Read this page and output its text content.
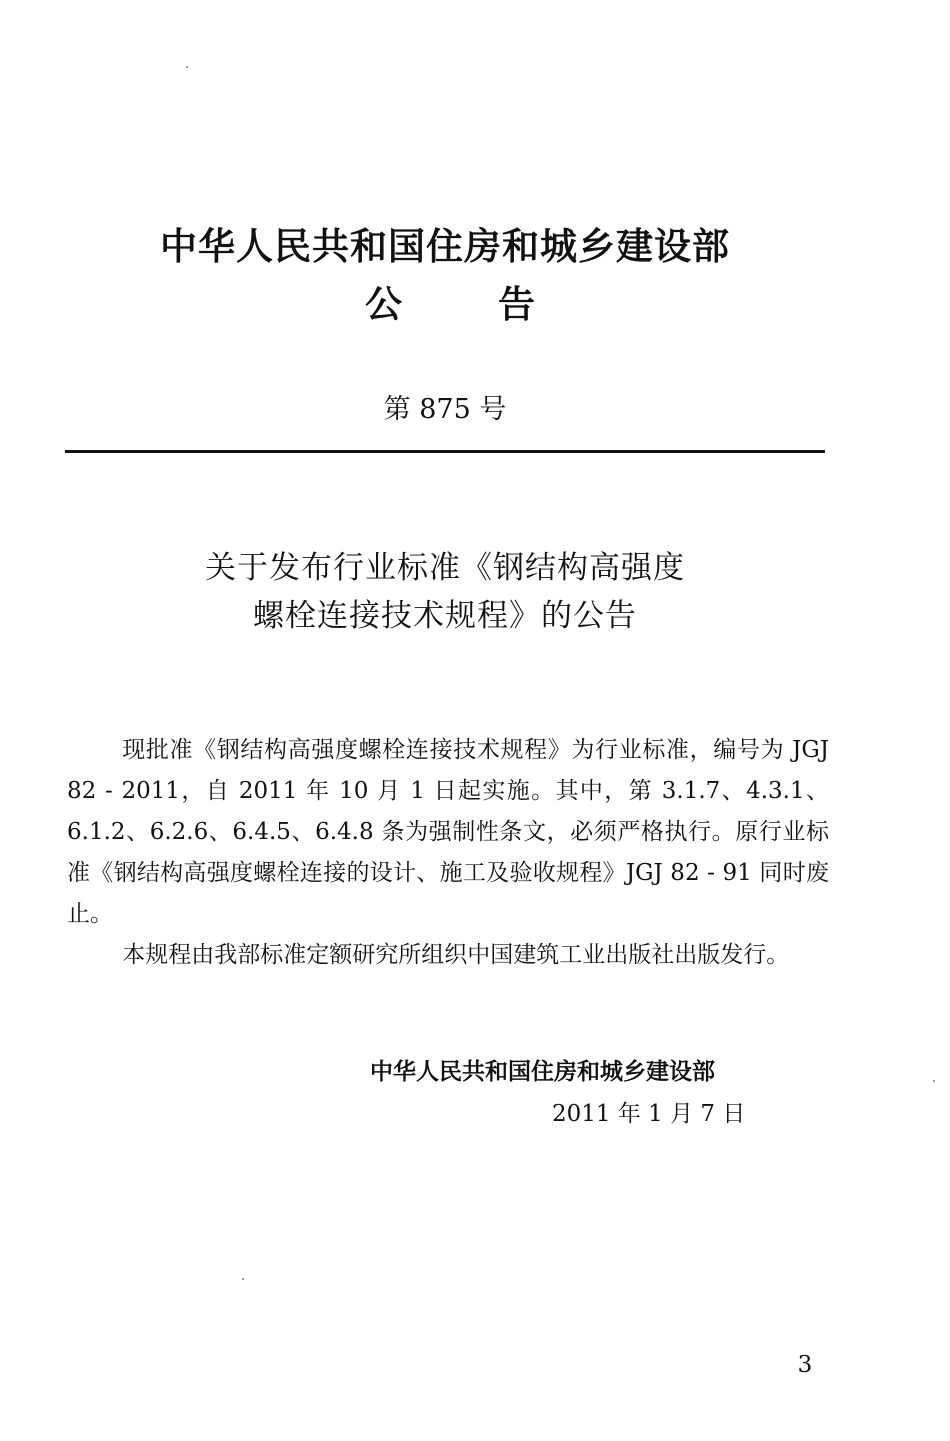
中华人民共和国住房和城乡建设部
公告
第 875 号
关于发布行业标准《钢结构高强度
螺栓连接技术规程》的公告

现批准《钢结构高强度螺栓连接技术规程》为行业标准，编号为 JGJ 82 - 2011，自 2011 年 10 月 1 日起实施。其中，第 3.1.7、4.3.1、6.1.2、6.2.6、6.4.5、6.4.8 条为强制性条文，必须严格执行。原行业标准《钢结构高强度螺栓连接的设计、施工及验收规程》JGJ 82 - 91 同时废止。

本规程由我部标准定额研究所组织中国建筑工业出版社出版发行。

中华人民共和国住房和城乡建设部
2011 年 1 月 7 日
3
